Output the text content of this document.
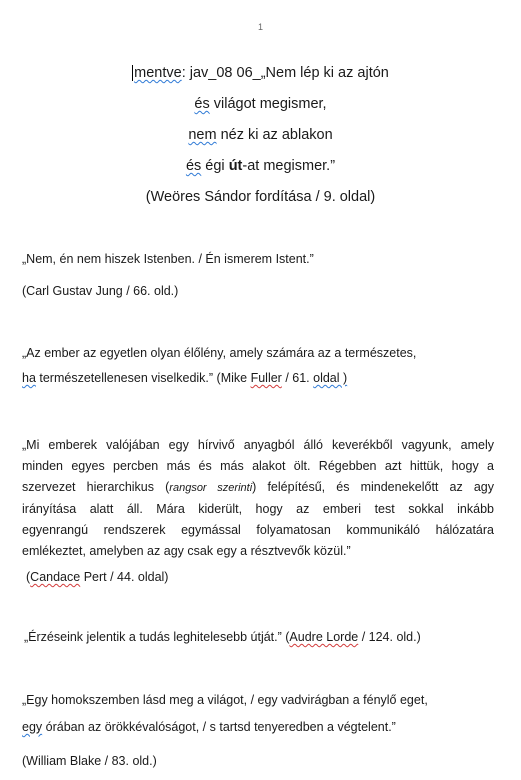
1
mentve: jav_08 06_„Nem lép ki az ajtón
és világot megismer,
nem néz ki az ablakon
és égi út-at megismer.”
(Weöres Sándor fordítása / 9. oldal)
„Nem, én nem hiszek Istenben. / Én ismerem Istent.”
(Carl Gustav Jung / 66. old.)
„Az ember az egyetlen olyan élőlény, amely számára az a természetes,
ha természetellenesen viselkedik.” (Mike Fuller / 61. oldal )
„Mi emberek valójában egy hírvivő anyagból álló keverékből vagyunk, amely
minden egyes percben más és más alakot ölt. Régebben azt hittük, hogy a
szervezet hierarchikus (rangsor szerinti) felépítésű, és mindenekelőtt az agy
irányítása alatt áll. Mára kiderült, hogy az emberi test sokkal inkább
egyenrangú rendszerek egymással folyamatosan kommunikáló hálózatára
emlékeztet, amelyben az agy csak egy a résztvevők közül.”
(Candace Pert / 44. oldal)
„Érzéseink jelentik a tudás leghitelesebb útját.” (Audre Lorde / 124. old.)
„Egy homokszemben lásd meg a világot, / egy vadvirágban a fénylő eget,
egy órában az örökkévalóságot, / s tartsd tenyeredben a végtelent.”
(William Blake / 83. old.)
